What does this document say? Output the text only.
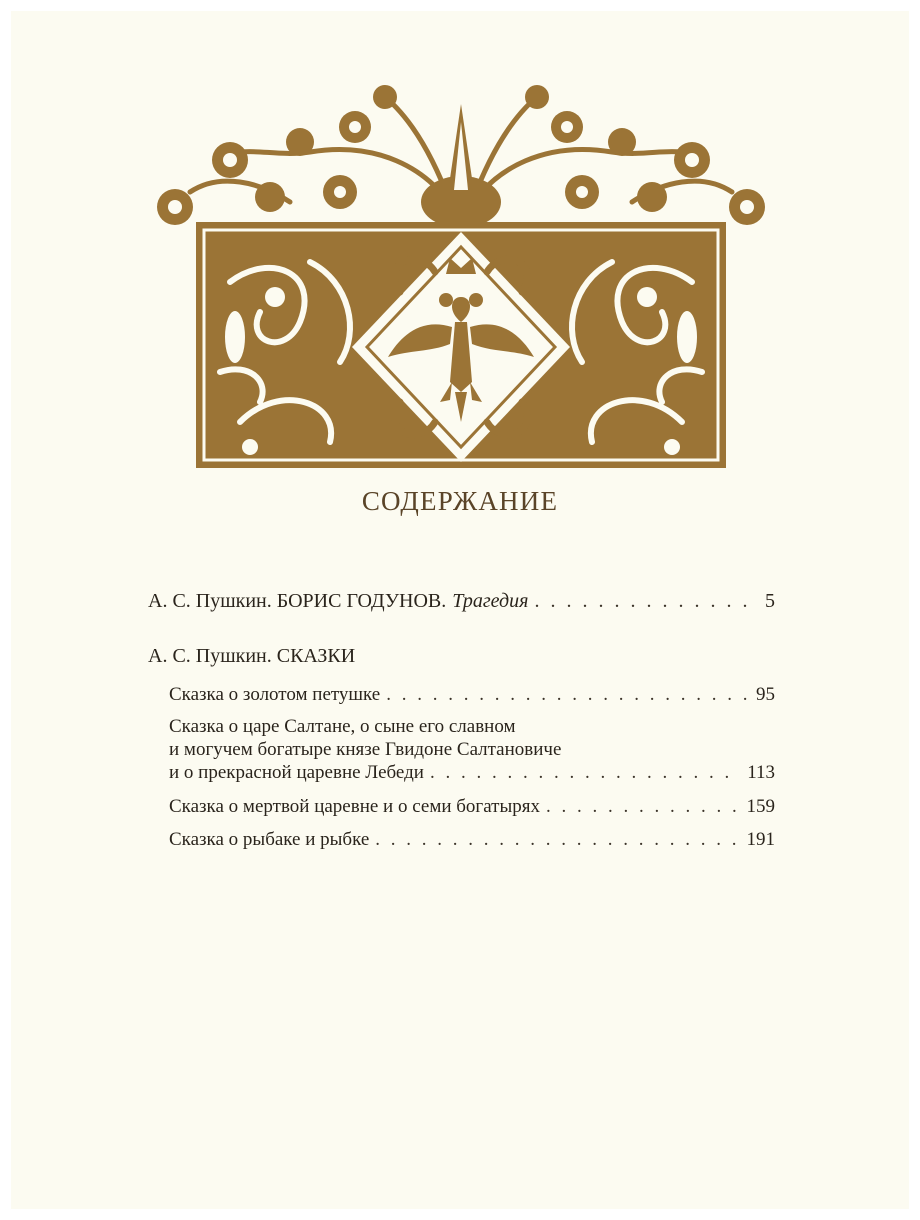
СОДЕРЖАНИЕ
А. С. Пушкин. БОРИС ГОДУНОВ. Трагедия . . .	5
А. С. Пушкин. СКАЗКИ
Сказка о золотом петушке . . .	95
Сказка о царе Салтане, о сыне его славном
и могучем богатыре князе Гвидоне Салтановиче
и о прекрасной царевне Лебеди . . .	113
Сказка о мертвой царевне и о семи богатырях . . .	159
Сказка о рыбаке и рыбке . . .	191
